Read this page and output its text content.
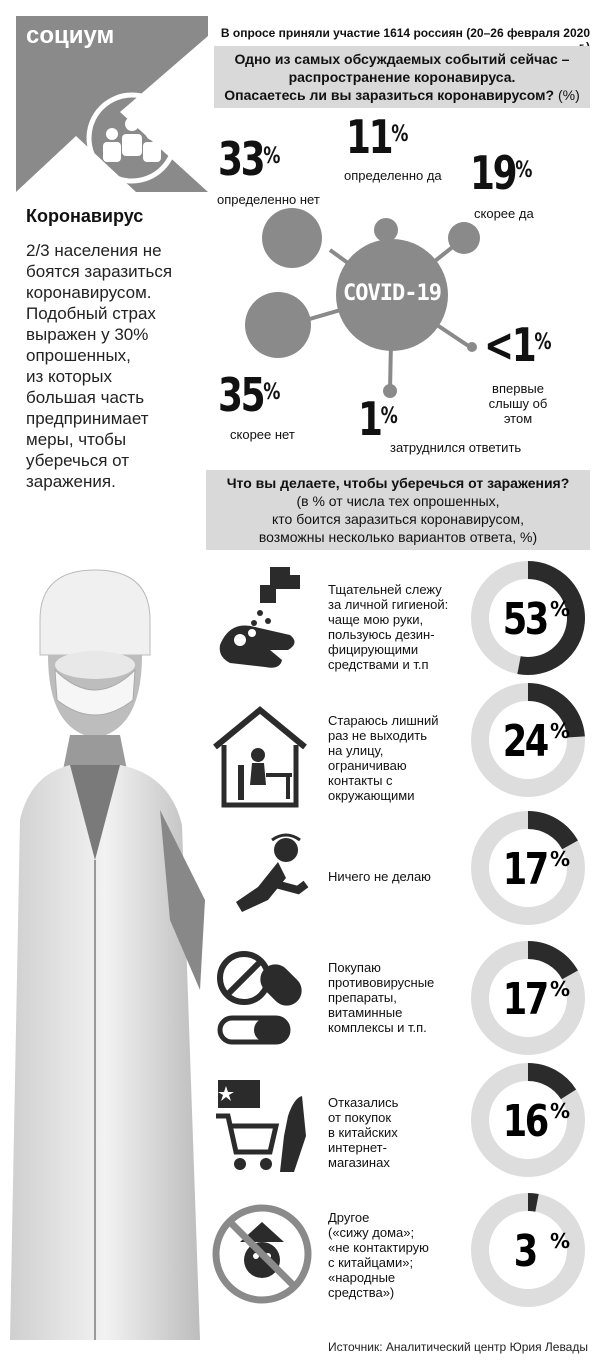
социум	В опросе приняли участие 1614 россиян (20–26 февраля 2020
Коронавирус
2/3 населения не
боятся заразиться
коронавирусом.
Подобный страх
выражен у 30%
опрошенных,
из которых
большая часть
предпринимает
меры, чтобы
уберечься от
заражения.
Одно из самых обсуждаемых событий сейчас –
распространение коронавируса.
Опасаетесь ли вы заразиться коронавирусом? (%)
COVID-19
33%
определенно нет
11%
определенно да 19%
скорее да
<1%
впервые слышу об этом
1%
затруднился ответить
35%
скорее нет
Что вы делаете, чтобы уберечься от заражения?
(в % от числа тех опрошенных,
кто боится заразиться коронавирусом,
возможны несколько вариантов ответа, %)
Тщательней слежу
за личной гигиеной:
чаще мою руки,
пользуюсь дезин-
фицирующими
средствами и т.п
Стараюсь лишний
раз не выходить
на улицу,
ограничиваю
контакты с
окружающими
Ничего не делаю
Покупаю
противовирусные
препараты,
витаминные
комплексы и т.п.
Отказались
от покупок
в китайских
интернет-
магазинах
Другое
(«сижу дома»;
«не контактирую
с китайцами»;
«народные
средства»)
53 %
24 %
17 %
17 %
16 %
3 %
Источник: Аналитический центр Юрия Левады
